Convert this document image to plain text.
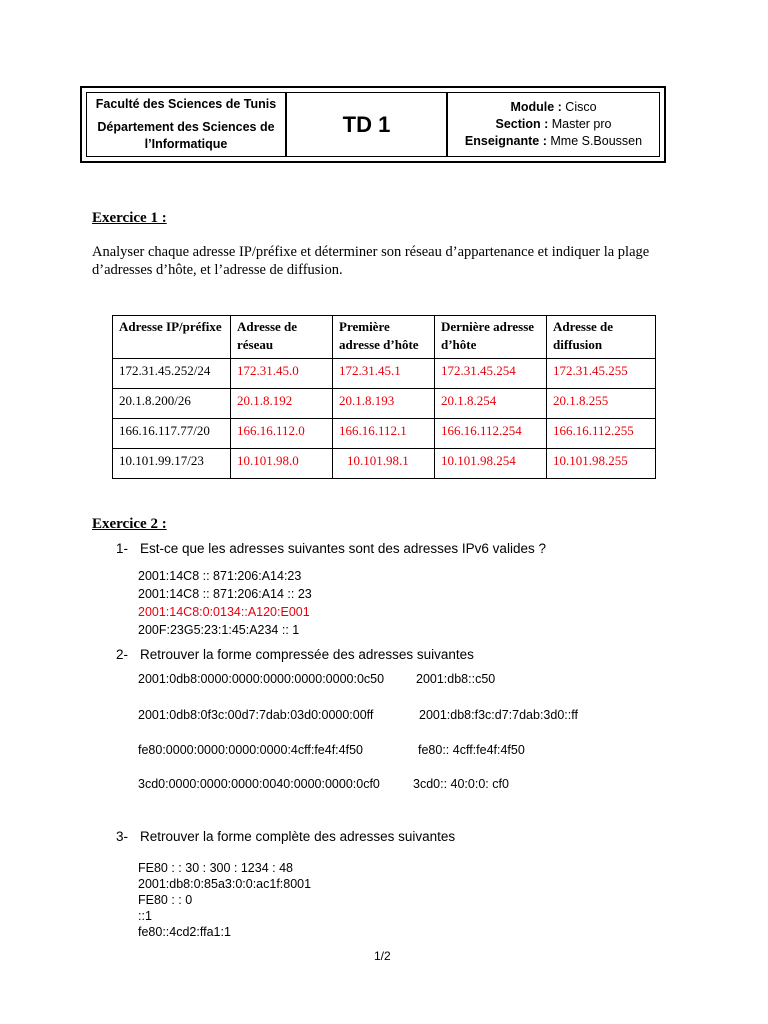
Faculté des Sciences de Tunis
Département des Sciences de l’Informatique
TD 1
Module : Cisco
Section : Master pro
Enseignante : Mme S.Boussen
Exercice 1 :
Analyser chaque adresse IP/préfixe et déterminer son réseau d’appartenance et indiquer la plage d’adresses d’hôte, et l’adresse de diffusion.
Adresse IP/préfixe	Adresse de réseau	Première adresse d’hôte	Dernière adresse d’hôte	Adresse de diffusion
172.31.45.252/24	172.31.45.0	172.31.45.1	172.31.45.254	172.31.45.255
20.1.8.200/26	20.1.8.192	20.1.8.193	20.1.8.254	20.1.8.255
166.16.117.77/20	166.16.112.0	166.16.112.1	166.16.112.254	166.16.112.255
10.101.99.17/23	10.101.98.0	10.101.98.1	10.101.98.254	10.101.98.255
Exercice 2 :
1- Est-ce que les adresses suivantes sont des adresses IPv6 valides ?
2001:14C8 :: 871:206:A14:23
2001:14C8 :: 871:206:A14 :: 23
2001:14C8:0:0134::A120:E001
200F:23G5:23:1:45:A234 :: 1
2- Retrouver la forme compressée des adresses suivantes
2001:0db8:0000:0000:0000:0000:0000:0c50	2001:db8::c50
2001:0db8:0f3c:00d7:7dab:03d0:0000:00ff	2001:db8:f3c:d7:7dab:3d0::ff
fe80:0000:0000:0000:0000:4cff:fe4f:4f50	fe80:: 4cff:fe4f:4f50
3cd0:0000:0000:0000:0040:0000:0000:0cf0	3cd0:: 40:0:0: cf0
3- Retrouver la forme complète des adresses suivantes
FE80 : : 30 : 300 : 1234 : 48
2001:db8:0:85a3:0:0:ac1f:8001
FE80 : : 0
::1
fe80::4cd2:ffa1:1
1/2
